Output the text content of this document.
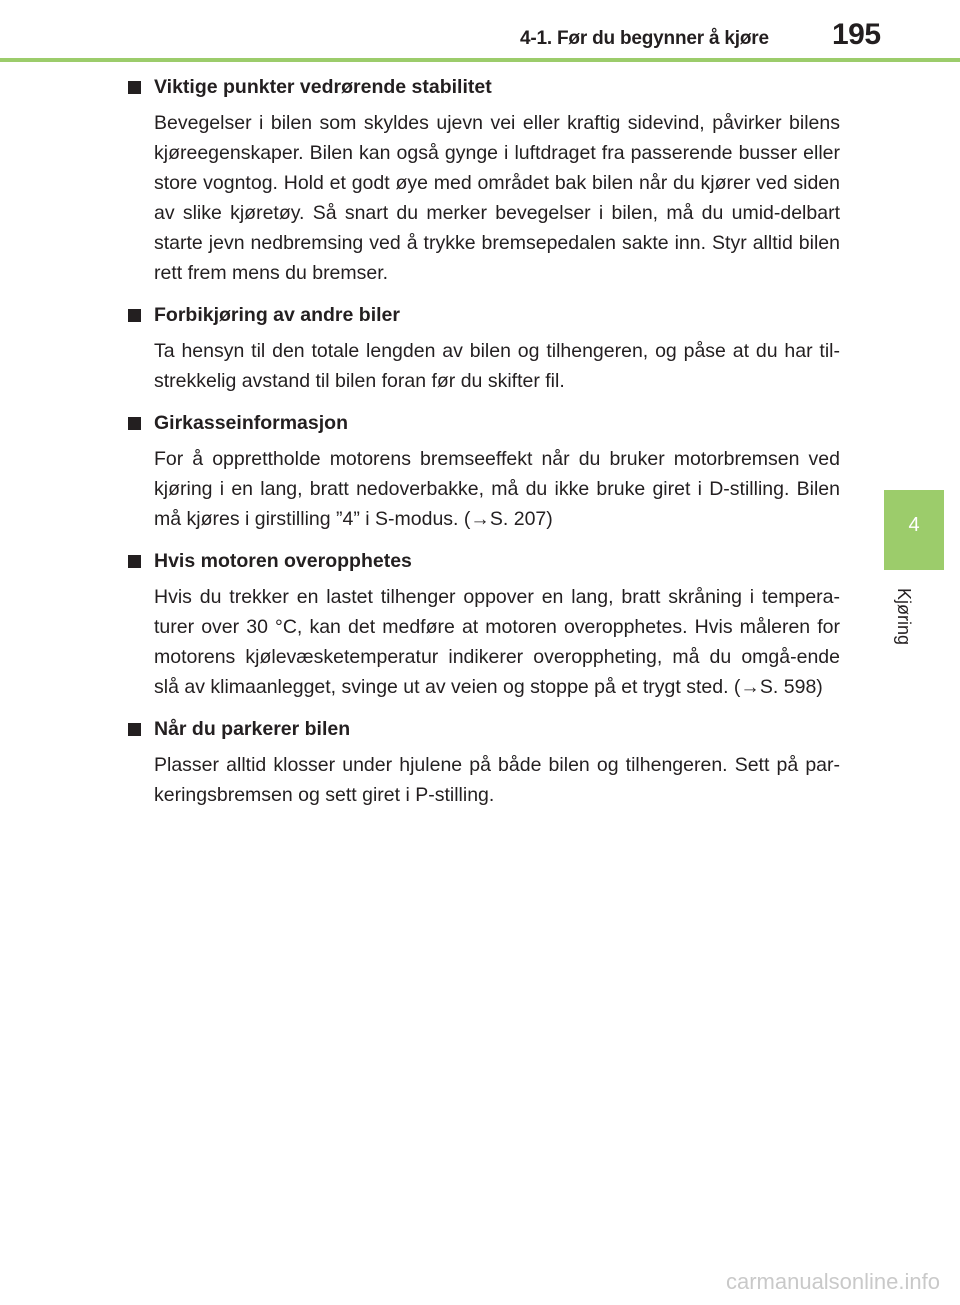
4-1. Før du begynner å kjøre 195
4
Kjøring
Viktige punkter vedrørende stabilitet
Bevegelser i bilen som skyldes ujevn vei eller kraftig sidevind, påvirker bilens kjøreegenskaper. Bilen kan også gynge i luftdraget fra passerende busser eller store vogntog. Hold et godt øye med området bak bilen når du kjører ved siden av slike kjøretøy. Så snart du merker bevegelser i bilen, må du umid-delbart starte jevn nedbremsing ved å trykke bremsepedalen sakte inn. Styr alltid bilen rett frem mens du bremser.
Forbikjøring av andre biler
Ta hensyn til den totale lengden av bilen og tilhengeren, og påse at du har til-strekkelig avstand til bilen foran før du skifter fil.
Girkasseinformasjon
For å opprettholde motorens bremseeffekt når du bruker motorbremsen ved kjøring i en lang, bratt nedoverbakke, må du ikke bruke giret i D-stilling. Bilen må kjøres i girstilling ”4” i S-modus. (→S. 207)
Hvis motoren overopphetes
Hvis du trekker en lastet tilhenger oppover en lang, bratt skråning i tempera-turer over 30 °C, kan det medføre at motoren overopphetes. Hvis måleren for motorens kjølevæsketemperatur indikerer overoppheting, må du omgå-ende slå av klimaanlegget, svinge ut av veien og stoppe på et trygt sted. (→S. 598)
Når du parkerer bilen
Plasser alltid klosser under hjulene på både bilen og tilhengeren. Sett på par-keringsbremsen og sett giret i P-stilling.
carmanualsonline.info
